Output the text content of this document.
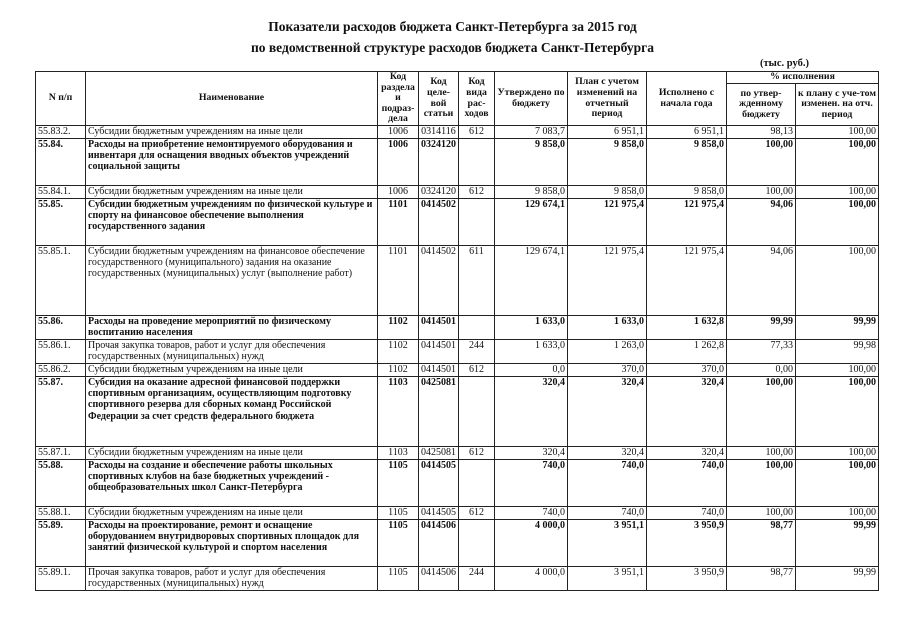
Показатели расходов бюджета Санкт-Петербурга за 2015 год
по ведомственной структуре расходов бюджета Санкт-Петербурга
(тыс. руб.)
N п/п	Наименование	Код раздела и подраз-дела	Код целе-вой статьи	Код вида рас-ходов	Утверждено по бюджету	План с учетом изменений на отчетный период	Исполнено с начала года	% исполнения	
								по утвер-жденному бюджету	к плану с уче-том изменен. на отч. период
55.83.2.	Субсидии бюджетным учреждениям на иные цели	1006	0314116	612	7 083,7	6 951,1	6 951,1	98,13	100,00
55.84.	Расходы на приобретение немонтируемого оборудования и инвентаря для оснащения вводных объектов учреждений социальной защиты	1006	0324120		9 858,0	9 858,0	9 858,0	100,00	100,00
55.84.1.	Субсидии бюджетным учреждениям на иные цели	1006	0324120	612	9 858,0	9 858,0	9 858,0	100,00	100,00
55.85.	Субсидии бюджетным учреждениям по физической культуре и спорту на финансовое обеспечение выполнения государственного задания	1101	0414502		129 674,1	121 975,4	121 975,4	94,06	100,00
55.85.1.	Субсидии бюджетным учреждениям на финансовое обеспечение государственного (муниципального) задания на оказание государственных (муниципальных) услуг (выполнение работ)	1101	0414502	611	129 674,1	121 975,4	121 975,4	94,06	100,00
55.86.	Расходы на проведение мероприятий по физическому воспитанию населения	1102	0414501		1 633,0	1 633,0	1 632,8	99,99	99,99
55.86.1.	Прочая закупка товаров, работ и услуг для обеспечения государственных (муниципальных) нужд	1102	0414501	244	1 633,0	1 263,0	1 262,8	77,33	99,98
55.86.2.	Субсидии бюджетным учреждениям на иные цели	1102	0414501	612	0,0	370,0	370,0	0,00	100,00
55.87.	Субсидия на оказание адресной финансовой поддержки спортивным организациям, осуществляющим подготовку спортивного резерва для сборных команд Российской Федерации за счет средств федерального бюджета	1103	0425081		320,4	320,4	320,4	100,00	100,00
55.87.1.	Субсидии бюджетным учреждениям на иные цели	1103	0425081	612	320,4	320,4	320,4	100,00	100,00
55.88.	Расходы на создание и обеспечение работы школьных спортивных клубов на базе бюджетных учреждений - общеобразовательных школ Санкт-Петербурга	1105	0414505		740,0	740,0	740,0	100,00	100,00
55.88.1.	Субсидии бюджетным учреждениям на иные цели	1105	0414505	612	740,0	740,0	740,0	100,00	100,00
55.89.	Расходы на проектирование, ремонт и оснащение оборудованием внутридворовых спортивных площадок для занятий физической культурой и спортом населения	1105	0414506		4 000,0	3 951,1	3 950,9	98,77	99,99
55.89.1.	Прочая закупка товаров, работ и услуг для обеспечения государственных (муниципальных) нужд	1105	0414506	244	4 000,0	3 951,1	3 950,9	98,77	99,99
